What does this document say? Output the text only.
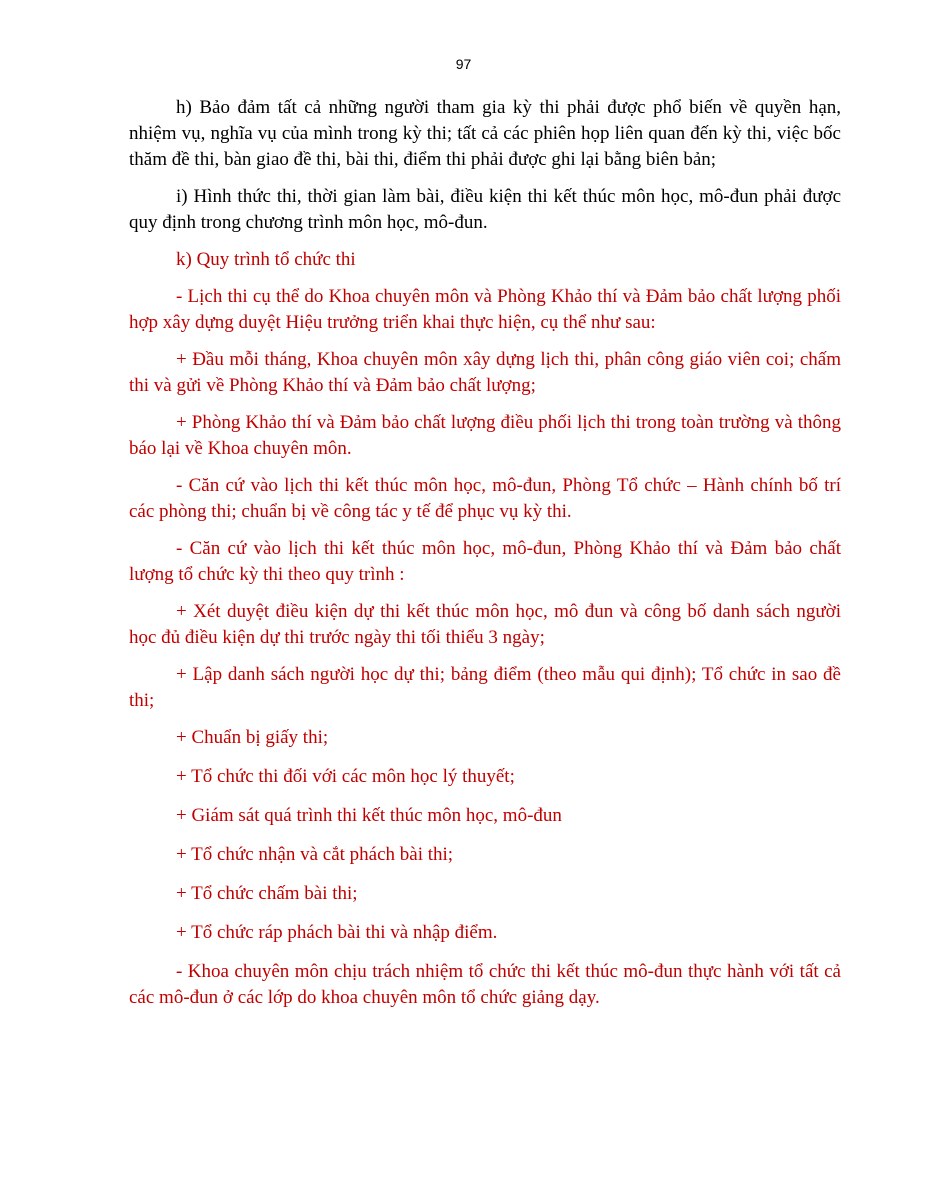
97

h) Bảo đảm tất cả những người tham gia kỳ thi phải được phổ biến về quyền hạn, nhiệm vụ, nghĩa vụ của mình trong kỳ thi; tất cả các phiên họp liên quan đến kỳ thi, việc bốc thăm đề thi, bàn giao đề thi, bài thi, điểm thi phải được ghi lại bằng biên bản;

i) Hình thức thi, thời gian làm bài, điều kiện thi kết thúc môn học, mô-đun phải được quy định trong chương trình môn học, mô-đun.

k) Quy trình tổ chức thi

- Lịch thi cụ thể do Khoa chuyên môn và Phòng Khảo thí và Đảm bảo chất lượng phối hợp xây dựng duyệt Hiệu trưởng triển khai thực hiện, cụ thể như sau:

+ Đầu mỗi tháng, Khoa chuyên môn xây dựng lịch thi, phân công giáo viên coi; chấm thi và gửi về Phòng Khảo thí và Đảm bảo chất lượng;

+ Phòng Khảo thí và Đảm bảo chất lượng điều phối lịch thi trong toàn trường và thông báo lại về Khoa chuyên môn.

- Căn cứ vào lịch thi kết thúc môn học, mô-đun, Phòng Tổ chức – Hành chính bố trí các phòng thi; chuẩn bị về công tác y tế để phục vụ kỳ thi.

- Căn cứ vào lịch thi kết thúc môn học, mô-đun, Phòng Khảo thí và Đảm bảo chất lượng tổ chức kỳ thi theo quy trình :

+ Xét duyệt điều kiện dự thi kết thúc môn học, mô đun và công bố danh sách người học đủ điều kiện dự thi trước ngày thi tối thiểu 3 ngày;

+ Lập danh sách người học dự thi; bảng điểm (theo mẫu qui định); Tổ chức in sao đề thi;

+ Chuẩn bị giấy thi;

+ Tổ chức thi đối với các môn học lý thuyết;

+ Giám sát quá trình thi kết thúc môn học, mô-đun

+ Tổ chức nhận và cắt phách bài thi;

+ Tổ chức chấm bài thi;

+ Tổ chức ráp phách bài thi và nhập điểm.

- Khoa chuyên môn chịu trách nhiệm tổ chức thi kết thúc mô-đun thực hành với tất cả các mô-đun ở các lớp do khoa chuyên môn tổ chức giảng dạy.
